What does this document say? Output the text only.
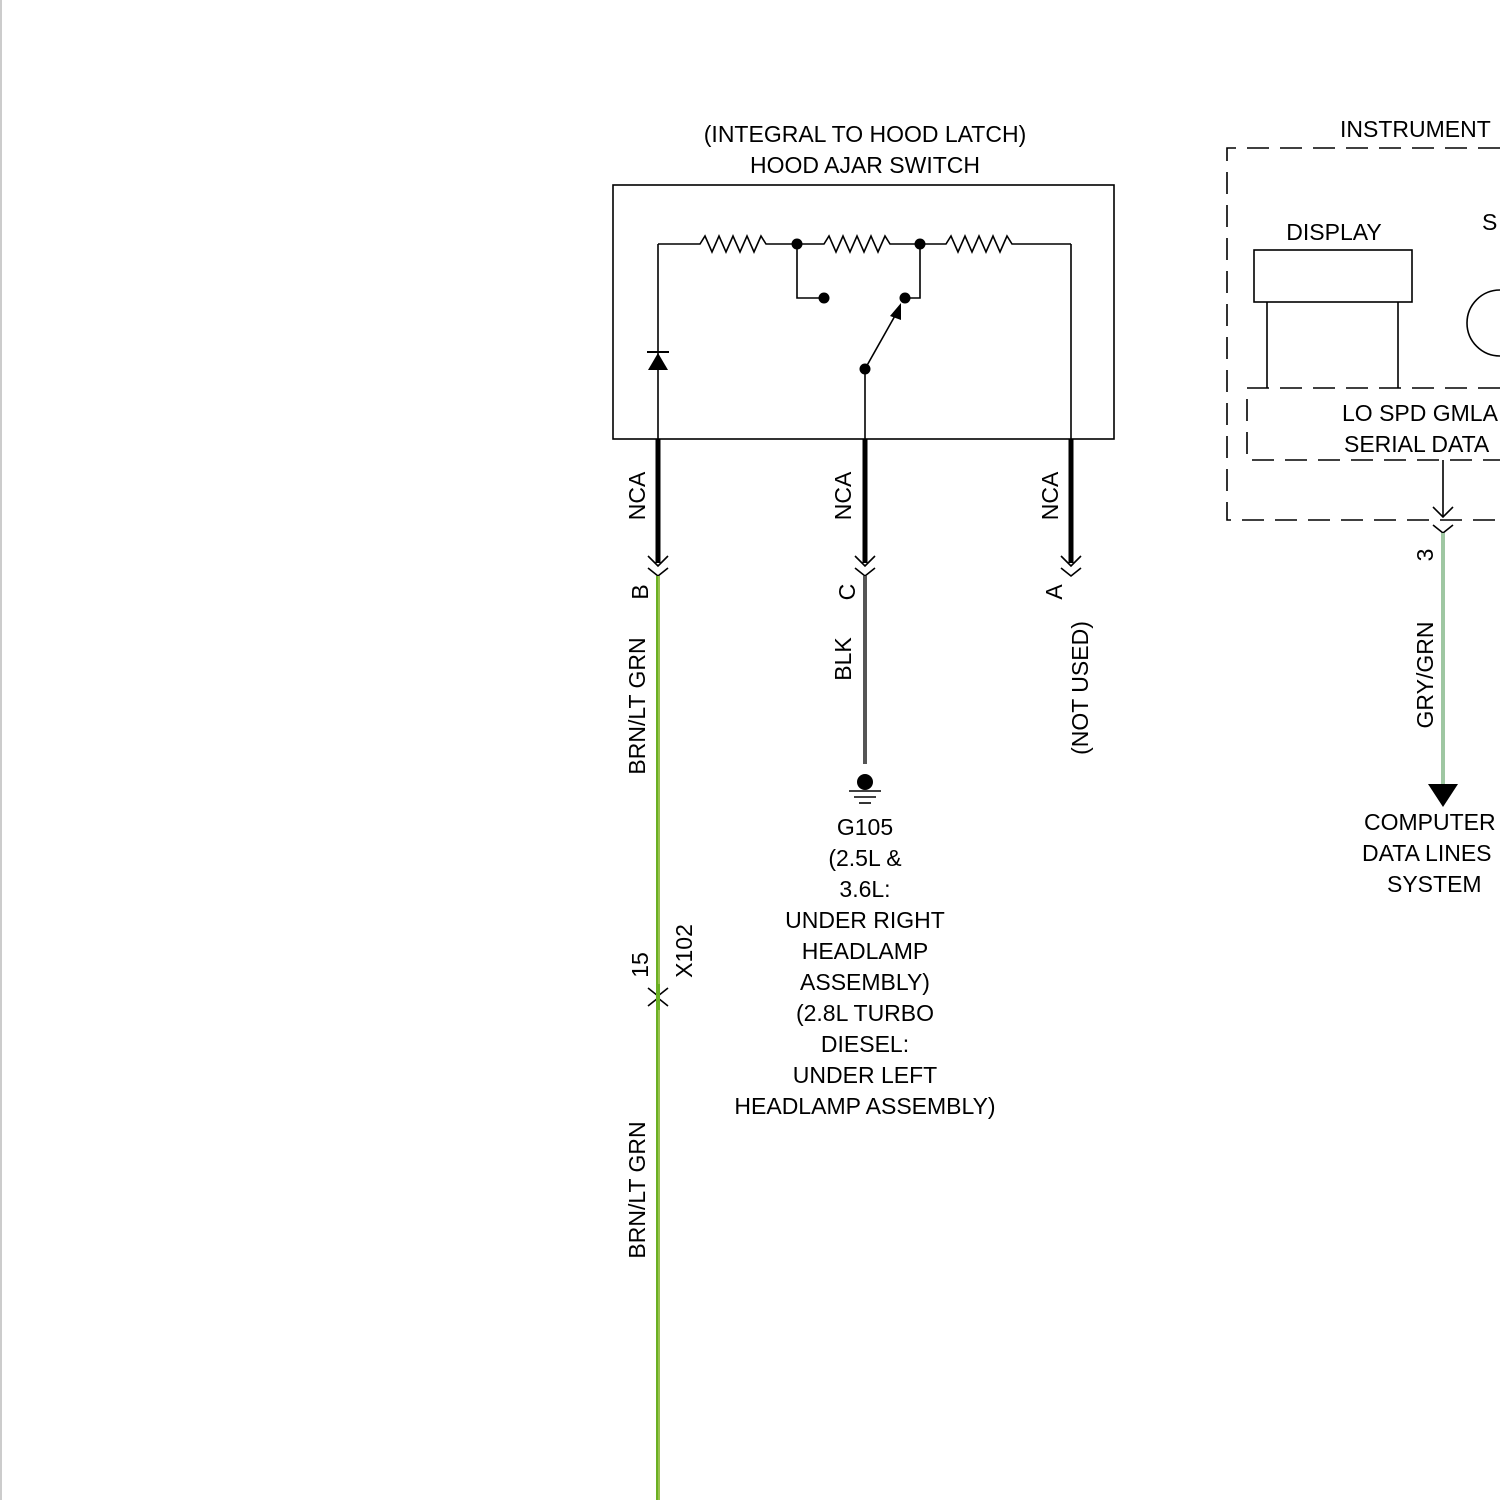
(INTEGRAL TO HOOD LATCH)
HOOD AJAR SWITCH
NCA
B
BRN/LT GRN
15 X102
BRN/LT GRN
NCA
C
BLK
G105
(2.5L &
3.6L:
UNDER RIGHT
HEADLAMP
ASSEMBLY)
(2.8L TURBO
DIESEL:
UNDER LEFT
HEADLAMP ASSEMBLY)
NCA
A
(NOT USED)
INSTRUMENT
DISPLAY	S
LO SPD GMLA
SERIAL DATA
3
GRY/GRN
COMPUTER
DATA LINES
SYSTEM
